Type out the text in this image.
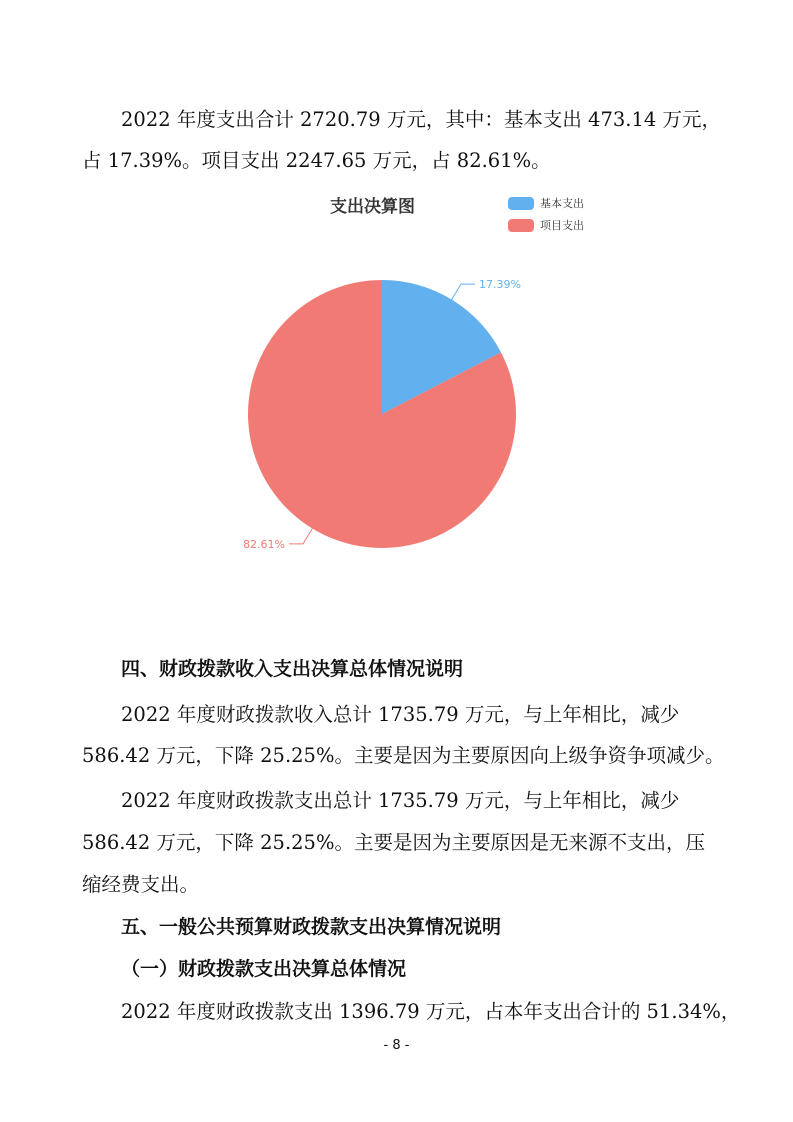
2022 年度支出合计 2720.79 万元，其中：基本支出 473.14 万元，
占 17.39%。项目支出 2247.65 万元，占 82.61%。
支出决算图	基本支出
项目支出
17.39%
82.61%
四、财政拨款收入支出决算总体情况说明
2022 年度财政拨款收入总计 1735.79 万元，与上年相比，减少
586.42 万元，下降 25.25%。主要是因为主要原因向上级争资争项减少。
2022 年度财政拨款支出总计 1735.79 万元，与上年相比，减少
586.42 万元，下降 25.25%。主要是因为主要原因是无来源不支出，压
缩经费支出。
五、一般公共预算财政拨款支出决算情况说明
（一）财政拨款支出决算总体情况
2022 年度财政拨款支出 1396.79 万元，占本年支出合计的 51.34%，
- 8 -
